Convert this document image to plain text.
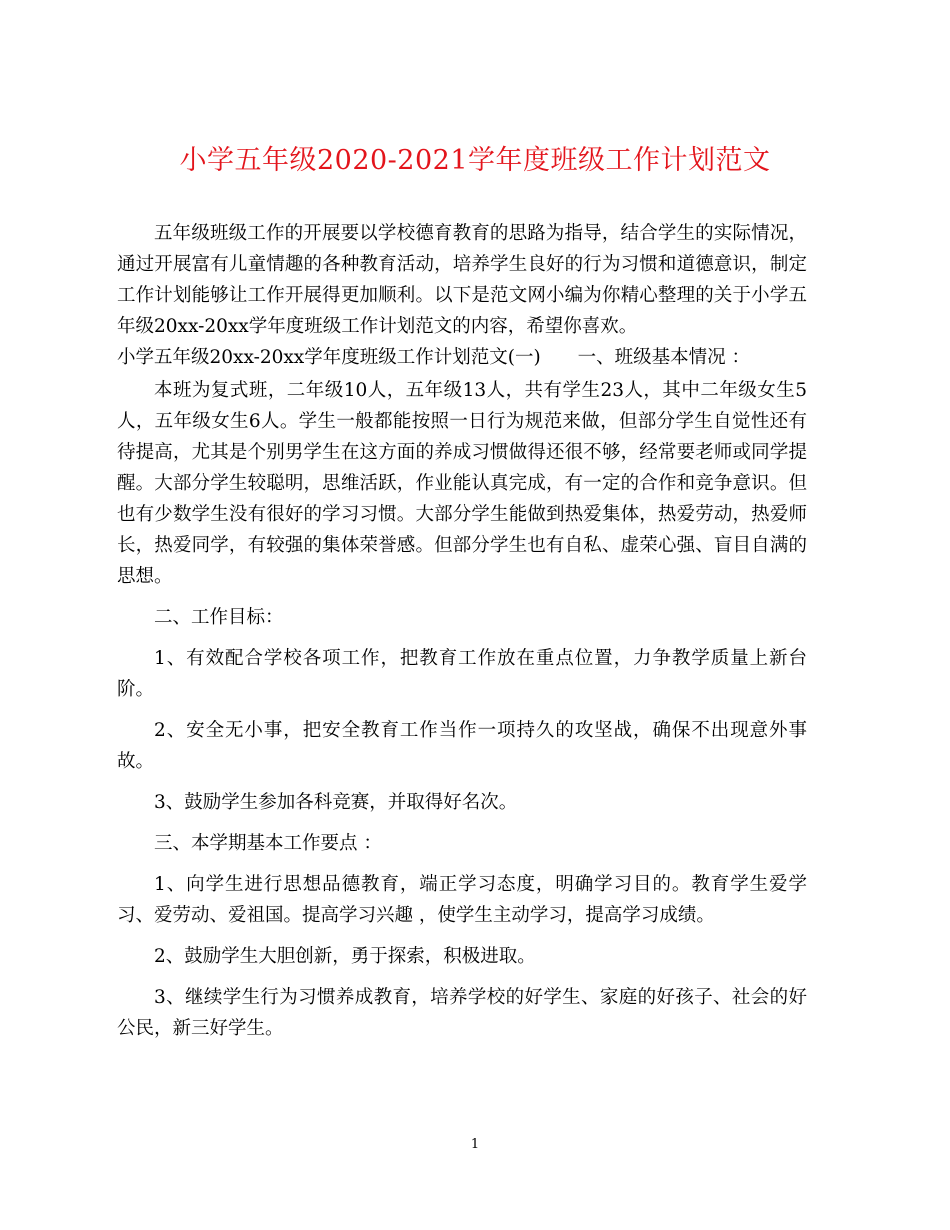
小学五年级2020-2021学年度班级工作计划范文

五年级班级工作的开展要以学校德育教育的思路为指导，结合学生的实际情况，通过开展富有儿童情趣的各种教育活动，培养学生良好的行为习惯和道德意识，制定工作计划能够让工作开展得更加顺利。以下是范文网小编为你精心整理的关于小学五年级20xx-20xx学年度班级工作计划范文的内容，希望你喜欢。

小学五年级20xx-20xx学年度班级工作计划范文(一)　　一、班级基本情况 ：

本班为复式班，二年级10人，五年级13人，共有学生23人，其中二年级女生5人，五年级女生6人。学生一般都能按照一日行为规范来做，但部分学生自觉性还有待提高，尤其是个别男学生在这方面的养成习惯做得还很不够，经常要老师或同学提醒。大部分学生较聪明，思维活跃，作业能认真完成，有一定的合作和竞争意识。但也有少数学生没有很好的学习习惯。大部分学生能做到热爱集体，热爱劳动，热爱师长，热爱同学，有较强的集体荣誉感。但部分学生也有自私、虚荣心强、盲目自满的思想。

二、工作目标：

1、有效配合学校各项工作，把教育工作放在重点位置，力争教学质量上新台阶。

2、安全无小事，把安全教育工作当作一项持久的攻坚战，确保不出现意外事故。

3、鼓励学生参加各科竞赛，并取得好名次。

三、本学期基本工作要点 ：

1、向学生进行思想品德教育，端正学习态度，明确学习目的。教育学生爱学习、爱劳动、爱祖国。提高学习兴趣 ，使学生主动学习，提高学习成绩。

2、鼓励学生大胆创新，勇于探索，积极进取。

3、继续学生行为习惯养成教育，培养学校的好学生、家庭的好孩子、社会的好公民，新三好学生。

1
